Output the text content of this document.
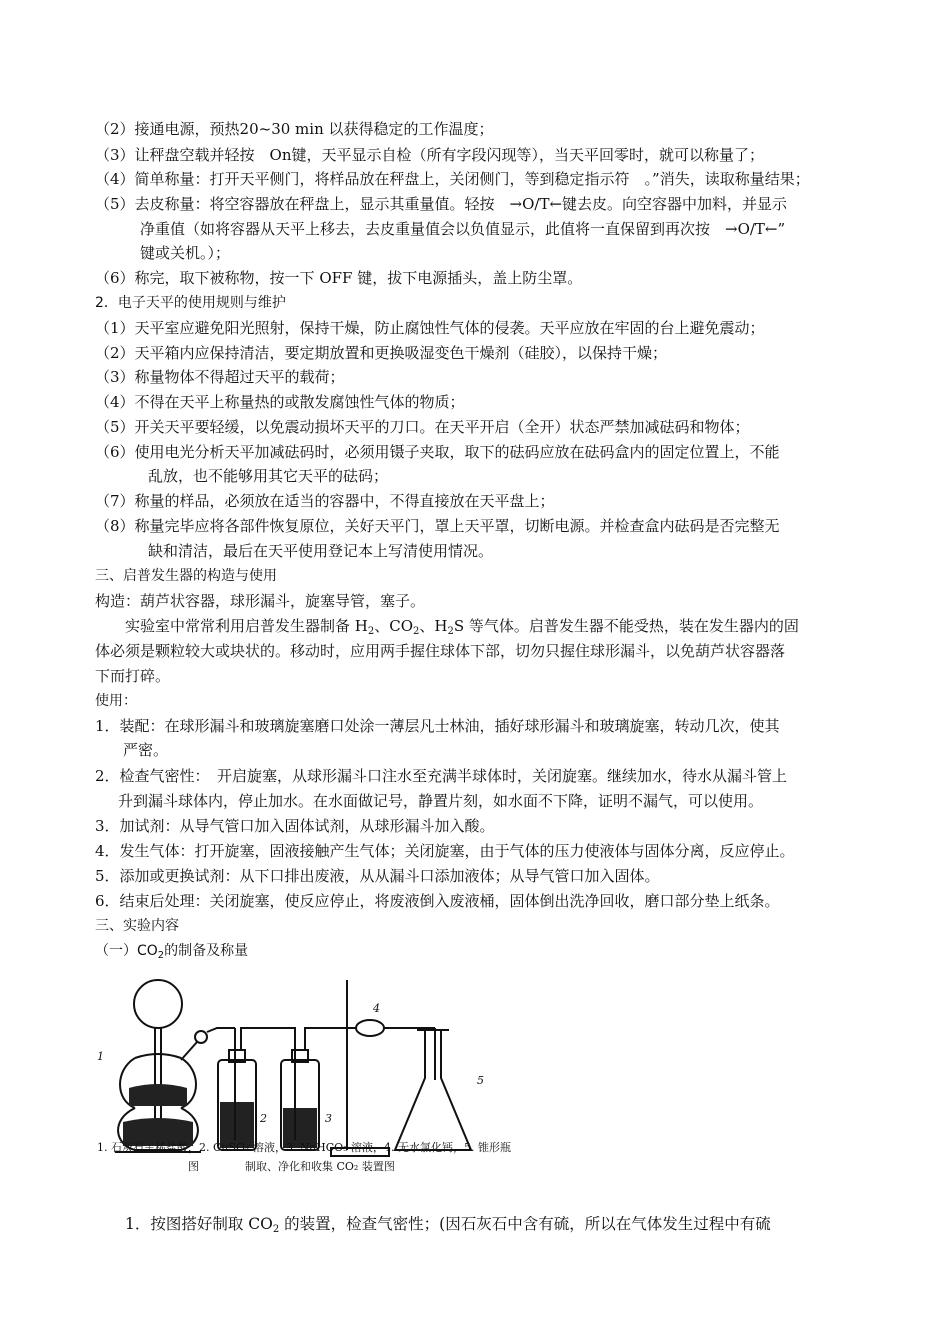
（2）接通电源，预热20~30 min 以获得稳定的工作温度；
（3）让秤盘空载并轻按　On键，天平显示自检（所有字段闪现等），当天平回零时，就可以称量了；
（4）简单称量：打开天平侧门，将样品放在秤盘上，关闭侧门，等到稳定指示符　。”消失，读取称量结果；
（5）去皮称量：将空容器放在秤盘上，显示其重量值。轻按　→O/T←键去皮。向空容器中加料，并显示
净重值（如将容器从天平上移去，去皮重量值会以负值显示，此值将一直保留到再次按　→O/T←”
键或关机。）；
（6）称完，取下被称物，按一下 OFF 键，拔下电源插头，盖上防尘罩。
2．电子天平的使用规则与维护
（1）天平室应避免阳光照射，保持干燥，防止腐蚀性气体的侵袭。天平应放在牢固的台上避免震动；
（2）天平箱内应保持清洁，要定期放置和更换吸湿变色干燥剂（硅胶），以保持干燥；
（3）称量物体不得超过天平的载荷；
（4）不得在天平上称量热的或散发腐蚀性气体的物质；
（5）开关天平要轻缓，以免震动损坏天平的刀口。在天平开启（全开）状态严禁加减砝码和物体；
（6）使用电光分析天平加减砝码时，必须用镊子夹取，取下的砝码应放在砝码盒内的固定位置上，不能
乱放，也不能够用其它天平的砝码；
（7）称量的样品，必须放在适当的容器中，不得直接放在天平盘上；
（8）称量完毕应将各部件恢复原位，关好天平门，罩上天平罩，切断电源。并检查盒内砝码是否完整无
缺和清洁，最后在天平使用登记本上写清使用情况。
三、启普发生器的构造与使用
构造：葫芦状容器，球形漏斗，旋塞导管，塞子。
实验室中常常利用启普发生器制备 $H_2$、$CO_2$、$H_2S$ 等气体。启普发生器不能受热，装在发生器内的固
体必须是颗粒较大或块状的。移动时，应用两手握住球体下部，切勿只握住球形漏斗，以免葫芦状容器落
下而打碎。
使用：
1．装配：在球形漏斗和玻璃旋塞磨口处涂一薄层凡士林油，插好球形漏斗和玻璃旋塞，转动几次，使其
严密。
2．检查气密性：　开启旋塞，从球形漏斗口注水至充满半球体时，关闭旋塞。继续加水，待水从漏斗管上
升到漏斗球体内，停止加水。在水面做记号，静置片刻，如水面不下降，证明不漏气，可以使用。
3．加试剂：从导气管口加入固体试剂，从球形漏斗加入酸。
4．发生气体：打开旋塞，固液接触产生气体；关闭旋塞，由于气体的压力使液体与固体分离，反应停止。
5．添加或更换试剂：从下口排出废液，从从漏斗口添加液体；从导气管口加入固体。
6．结束后处理：关闭旋塞，使反应停止，将废液倒入废液桶，固体倒出洗净回收，磨口部分垫上纸条。
三、实验内容
（一）$CO_2$的制备及称量
1
2	3
4
5
1. 石灰石＋稀盐酸，2. CuSO₄ 溶液，3. NaHCO₃ 溶液，4. 无水氯化钙，5. 锥形瓶
图	制取、净化和收集 CO₂ 装置图
1．按图搭好制取 $CO_2$ 的装置，检查气密性；(因石灰石中含有硫，所以在气体发生过程中有硫
